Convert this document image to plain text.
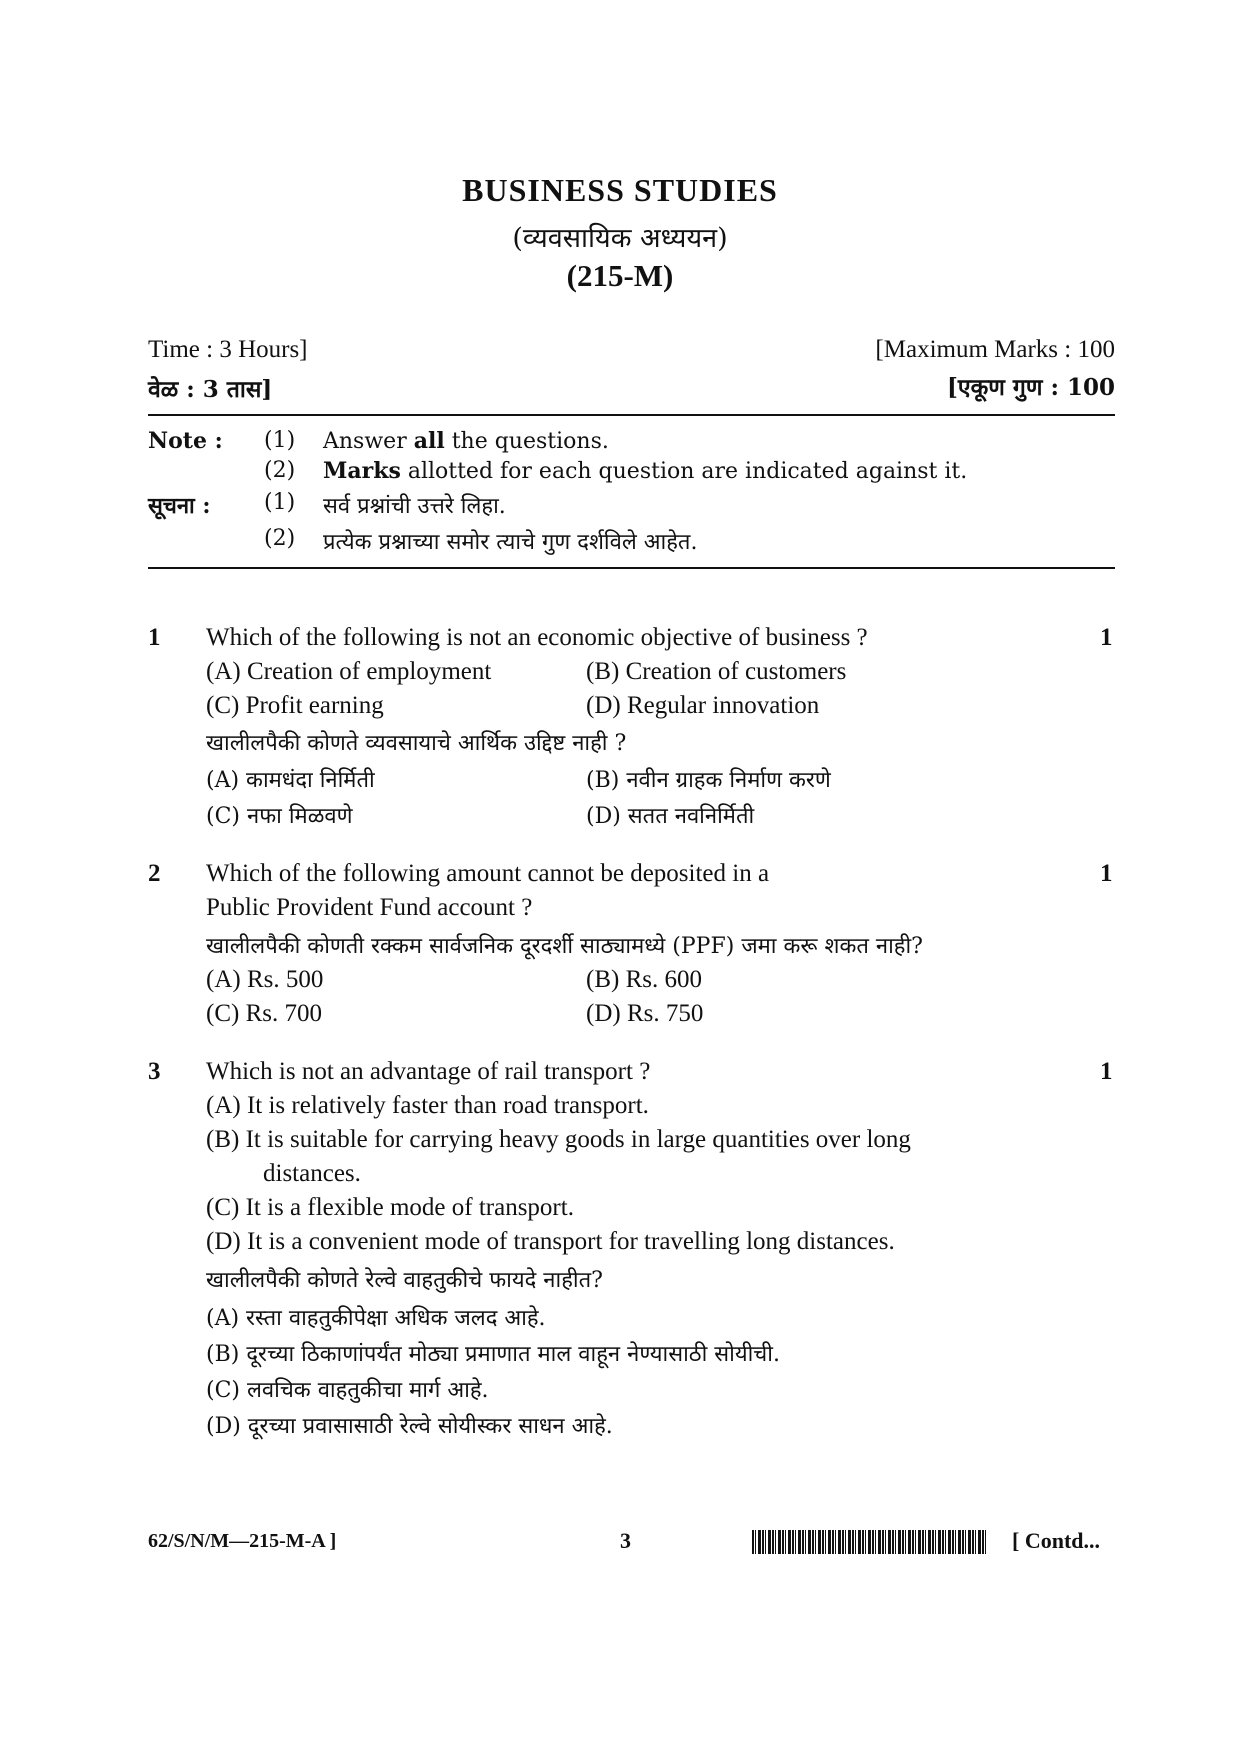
BUSINESS STUDIES
(व्यवसायिक अध्ययन)
(215-M)
Time : 3 Hours]	[Maximum Marks : 100
वेळ : 3 तास]	[एकूण गुण : 100
Note : (1) Answer all the questions.
(2) Marks allotted for each question are indicated against it.
सूचना : (1) सर्व प्रश्नांची उत्तरे लिहा.
(2) प्रत्येक प्रश्नाच्या समोर त्याचे गुण दर्शविले आहेत.
1 Which of the following is not an economic objective of business ?	1
(A) Creation of employment	(B) Creation of customers
(C) Profit earning	(D) Regular innovation
खालीलपैकी कोणते व्यवसायाचे आर्थिक उद्दिष्ट नाही ?
(A) कामधंदा निर्मिती	(B) नवीन ग्राहक निर्माण करणे
(C) नफा मिळवणे	(D) सतत नवनिर्मिती
2 Which of the following amount cannot be deposited in a	1
Public Provident Fund account ?
खालीलपैकी कोणती रक्कम सार्वजनिक दूरदर्शी साठ्यामध्ये (PPF) जमा करू शकत नाही?
(A) Rs. 500	(B) Rs. 600
(C) Rs. 700	(D) Rs. 750
3 Which is not an advantage of rail transport ?	1
(A) It is relatively faster than road transport.
(B) It is suitable for carrying heavy goods in large quantities over long
distances.
(C) It is a flexible mode of transport.
(D) It is a convenient mode of transport for travelling long distances.
खालीलपैकी कोणते रेल्वे वाहतुकीचे फायदे नाहीत?
(A) रस्ता वाहतुकीपेक्षा अधिक जलद आहे.
(B) दूरच्या ठिकाणांपर्यंत मोठ्या प्रमाणात माल वाहून नेण्यासाठी सोयीची.
(C) लवचिक वाहतुकीचा मार्ग आहे.
(D) दूरच्या प्रवासासाठी रेल्वे सोयीस्कर साधन आहे.
62/S/N/M—215-M-A ]	3	[ Contd...
